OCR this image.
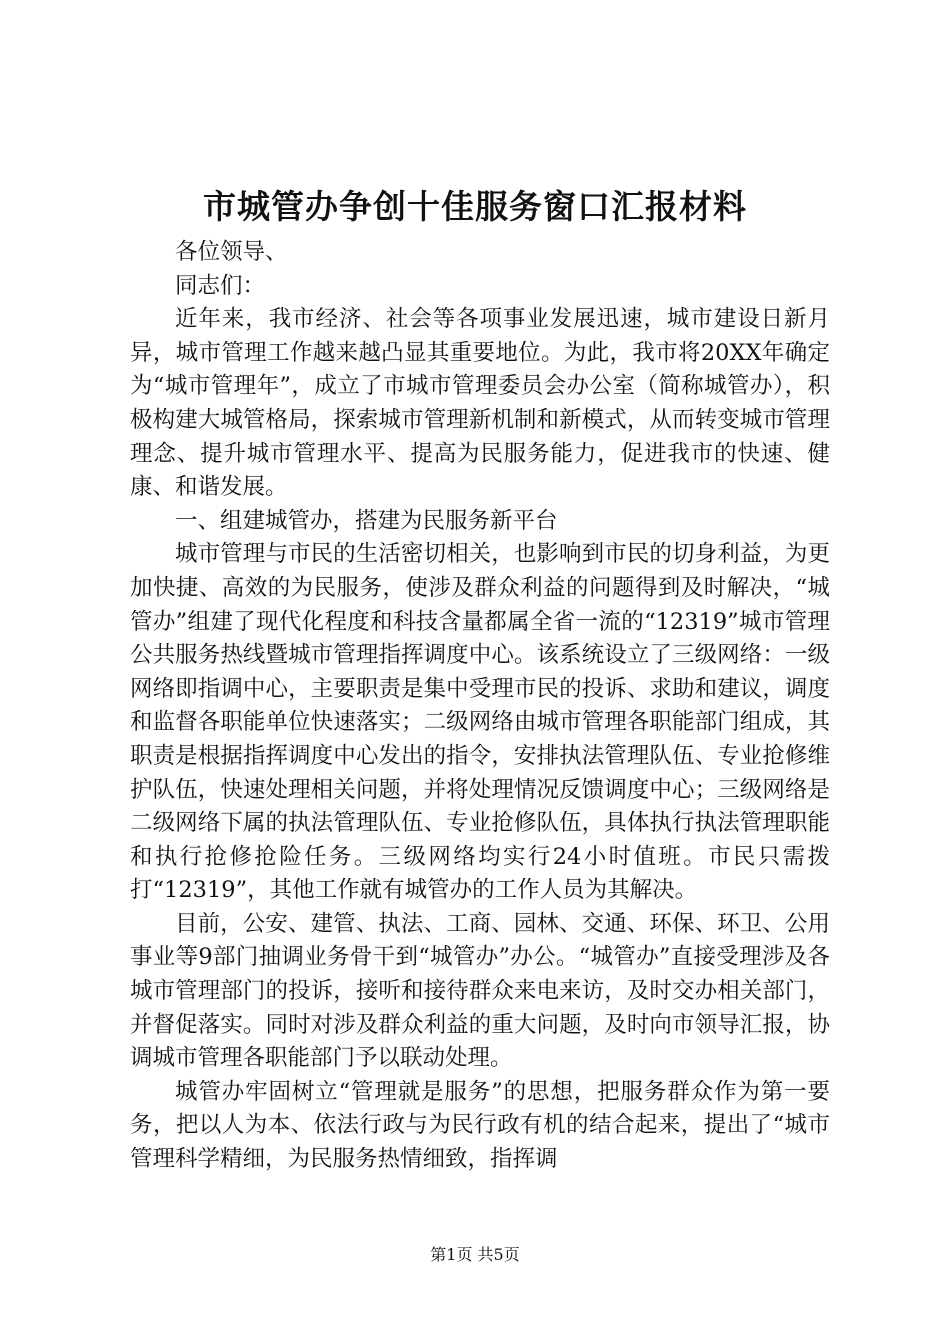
市城管办争创十佳服务窗口汇报材料

各位领导、

同志们：

近年来，我市经济、社会等各项事业发展迅速，城市建设日新月异，城市管理工作越来越凸显其重要地位。为此，我市将20XX年确定为“城市管理年”，成立了市城市管理委员会办公室（简称城管办），积极构建大城管格局，探索城市管理新机制和新模式，从而转变城市管理理念、提升城市管理水平、提高为民服务能力，促进我市的快速、健康、和谐发展。

一、组建城管办，搭建为民服务新平台

城市管理与市民的生活密切相关，也影响到市民的切身利益，为更加快捷、高效的为民服务，使涉及群众利益的问题得到及时解决，“城管办”组建了现代化程度和科技含量都属全省一流的“12319”城市管理公共服务热线暨城市管理指挥调度中心。该系统设立了三级网络：一级网络即指调中心，主要职责是集中受理市民的投诉、求助和建议，调度和监督各职能单位快速落实；二级网络由城市管理各职能部门组成，其职责是根据指挥调度中心发出的指令，安排执法管理队伍、专业抢修维护队伍，快速处理相关问题，并将处理情况反馈调度中心；三级网络是二级网络下属的执法管理队伍、专业抢修队伍，具体执行执法管理职能和执行抢修抢险任务。三级网络均实行24小时值班。市民只需拨打“12319”，其他工作就有城管办的工作人员为其解决。

目前，公安、建管、执法、工商、园林、交通、环保、环卫、公用事业等9部门抽调业务骨干到“城管办”办公。“城管办”直接受理涉及各城市管理部门的投诉，接听和接待群众来电来访，及时交办相关部门，并督促落实。同时对涉及群众利益的重大问题，及时向市领导汇报，协调城市管理各职能部门予以联动处理。

城管办牢固树立“管理就是服务”的思想，把服务群众作为第一要务，把以人为本、依法行政与为民行政有机的结合起来，提出了“城市管理科学精细，为民服务热情细致，指挥调

第1页 共5页
